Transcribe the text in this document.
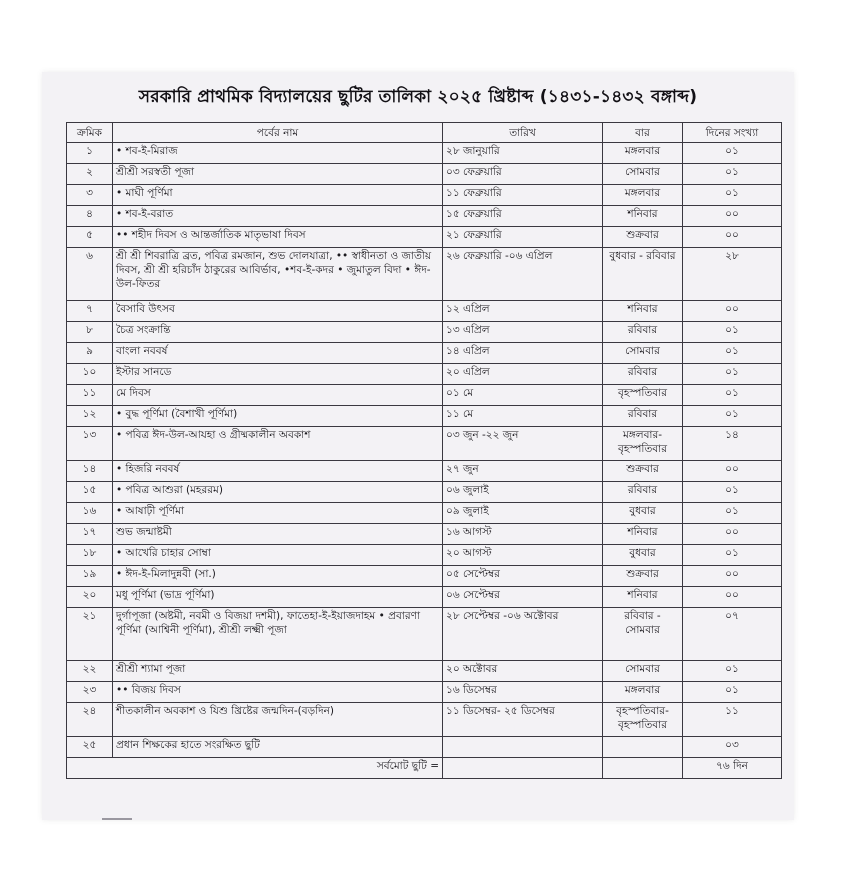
সরকারি প্রাথমিক বিদ্যালয়ের ছুটির তালিকা ২০২৫ খ্রিষ্টাব্দ (১৪৩১-১৪৩২ বঙ্গাব্দ)
ক্রমিক	পর্বের নাম	তারিখ	বার	দিনের সংখ্যা
১	• শব-ই-মিরাজ	২৮ জানুয়ারি	মঙ্গলবার	০১
২	শ্রীশ্রী সরস্বতী পূজা	০৩ ফেব্রুয়ারি	সোমবার	০১
৩	• মাঘী পূর্ণিমা	১১ ফেব্রুয়ারি	মঙ্গলবার	০১
৪	• শব-ই-বরাত	১৫ ফেব্রুয়ারি	শনিবার	০০
৫	•• শহীদ দিবস ও আন্তর্জাতিক মাতৃভাষা দিবস	২১ ফেব্রুয়ারি	শুক্রবার	০০
৬	শ্রী শ্রী শিবরাত্রি ব্রত, পবিত্র রমজান, শুভ দোলযাত্রা, •• স্বাধীনতা ও জাতীয় দিবস, শ্রী শ্রী হরিচাঁদ ঠাকুরের আবির্ভাব, •শব-ই-কদর • জুমাতুল বিদা • ঈদ-উল-ফিতর	২৬ ফেব্রুয়ারি -০৬ এপ্রিল	বুধবার - রবিবার	২৮
৭	বৈসাবি উৎসব	১২ এপ্রিল	শনিবার	০০
৮	চৈত্র সংক্রান্তি	১৩ এপ্রিল	রবিবার	০১
৯	বাংলা নববর্ষ	১৪ এপ্রিল	সোমবার	০১
১০	ইস্টার সানডে	২০ এপ্রিল	রবিবার	০১
১১	মে দিবস	০১ মে	বৃহস্পতিবার	০১
১২	• বুদ্ধ পূর্ণিমা (বৈশাখী পূর্ণিমা)	১১ মে	রবিবার	০১
১৩	• পবিত্র ঈদ-উল-আযহা ও গ্রীষ্মকালীন অবকাশ	০৩ জুন -২২ জুন	মঙ্গলবার- বৃহস্পতিবার	১৪
১৪	• হিজরি নববর্ষ	২৭ জুন	শুক্রবার	০০
১৫	• পবিত্র আশুরা (মহররম)	০৬ জুলাই	রবিবার	০১
১৬	• আষাঢ়ী পূর্ণিমা	০৯ জুলাই	বুধবার	০১
১৭	শুভ জন্মাষ্টমী	১৬ আগস্ট	শনিবার	০০
১৮	• আখেরি চাহার সোম্বা	২০ আগস্ট	বুধবার	০১
১৯	• ঈদ-ই-মিলাদুন্নবী (সা.)	০৫ সেপ্টেম্বর	শুক্রবার	০০
২০	মধু পূর্ণিমা (ভাদ্র পূর্ণিমা)	০৬ সেপ্টেম্বর	শনিবার	০০
২১	দুর্গাপূজা (অষ্টমী, নবমী ও বিজয়া দশমী), ফাতেহা-ই-ইয়াজদাহম • প্রবারণা পূর্ণিমা (আশ্বিনী পূর্ণিমা), শ্রীশ্রী লক্ষ্মী পূজা	২৮ সেপ্টেম্বর -০৬ অক্টোবর	রবিবার - সোমবার	০৭
২২	শ্রীশ্রী শ্যামা পূজা	২০ অক্টোবর	সোমবার	০১
২৩	•• বিজয় দিবস	১৬ ডিসেম্বর	মঙ্গলবার	০১
২৪	শীতকালীন অবকাশ ও যিশু খ্রিষ্টের জন্মদিন-(বড়দিন)	১১ ডিসেম্বর- ২৫ ডিসেম্বর	বৃহস্পতিবার- বৃহস্পতিবার	১১
২৫	প্রধান শিক্ষকের হাতে সংরক্ষিত ছুটি			০৩
সর্বমোট ছুটি =				৭৬ দিন
